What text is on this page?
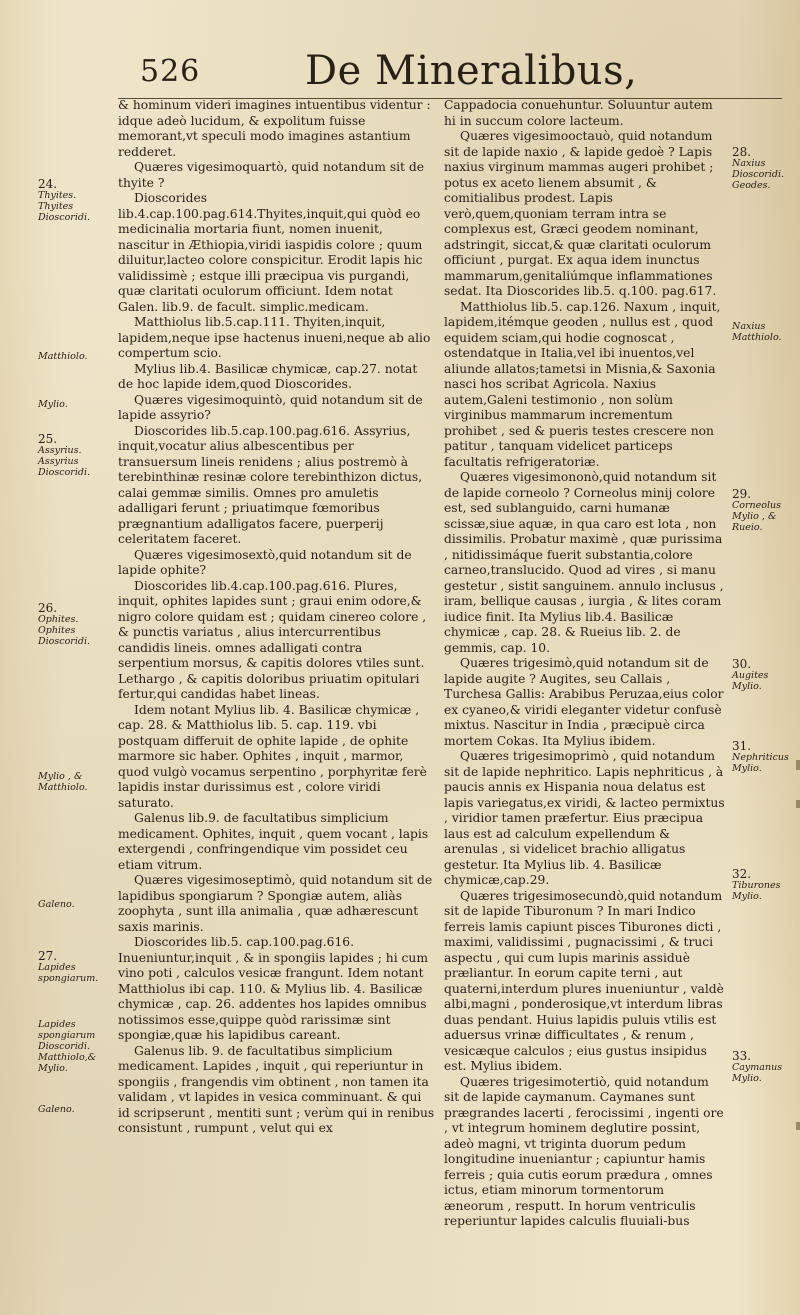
526	De Mineralibus,

& hominum videri imagines intuentibus videntur : idque adeò lucidum, & expolitum fuisse memorant,vt speculi modo imagines astantium redderet.

Quæres vigesimoquartò, quid notandum sit de thyite ?

Dioscorides lib.4.cap.100.pag.614.Thyites,inquit,qui quòd eo medicinalia mortaria fiunt, nomen inuenit, nascitur in Æthiopia,viridi iaspidis colore ; quum diluitur,lacteo colore conspicitur. Erodit lapis hic validissimè ; estque illi præcipua vis purgandi, quæ claritati oculorum officiunt. Idem notat Galen. lib.9. de facult. simplic.medicam.

Matthiolus lib.5.cap.111. Thyiten,inquit, lapidem,neque ipse hactenus inueni,neque ab alio compertum scio.

Mylius lib.4. Basilicæ chymicæ, cap.27. notat de hoc lapide idem,quod Dioscorides.

Quæres vigesimoquintò, quid notandum sit de lapide assyrio?

Dioscorides lib.5.cap.100.pag.616. Assyrius, inquit,vocatur alius albescentibus per transuersum lineis renidens ; alius postremò à terebinthinæ resinæ colore terebinthizon dictus, calai gemmæ similis. Omnes pro amuletis adalligari ferunt ; priuatimque fœmoribus prægnantium adalligatos facere, puerperij celeritatem faceret.

Quæres vigesimosextò,quid notandum sit de lapide ophite?

Dioscorides lib.4.cap.100.pag.616. Plures, inquit, ophites lapides sunt ; graui enim odore,& nigro colore quidam est ; quidam cinereo colore , & punctis variatus , alius intercurrentibus candidis lineis. omnes adalligati contra serpentium morsus, & capitis dolores vtiles sunt. Lethargo , & capitis doloribus priuatim opitulari fertur,qui candidas habet lineas.

Idem notant Mylius lib. 4. Basilicæ chymicæ , cap. 28. & Matthiolus lib. 5. cap. 119. vbi postquam differuit de ophite lapide , de ophite marmore sic haber. Ophites , inquit , marmor, quod vulgò vocamus serpentino , porphyritæ ferè lapidis instar durissimus est , colore viridi saturato.

Galenus lib.9. de facultatibus simplicium medicament. Ophites, inquit , quem vocant , lapis extergendi , confringendique vim possidet ceu etiam vitrum.

Quæres vigesimoseptimò, quid notandum sit de lapidibus spongiarum ? Spongiæ autem, aliàs zoophyta , sunt illa animalia , quæ adhærescunt saxis marinis.

Dioscorides lib.5. cap.100.pag.616. Inueniuntur,inquit , & in spongiis lapides ; hi cum vino poti , calculos vesicæ frangunt. Idem notant Matthiolus ibi cap. 110. & Mylius lib. 4. Basilicæ chymicæ , cap. 26. addentes hos lapides omnibus notissimos esse,quippe quòd rarissimæ sint spongiæ,quæ his lapidibus careant.

Galenus lib. 9. de facultatibus simplicium medicament. Lapides , inquit , qui reperiuntur in spongiis , frangendis vim obtinent , non tamen ita validam , vt lapides in vesica comminuant. & qui id scripserunt , mentiti sunt ; verùm qui in renibus consistunt , rumpunt , velut qui ex

Cappadocia conuehuntur. Soluuntur autem hi in succum colore lacteum.

Quæres vigesimooctauò, quid notandum sit de lapide naxio , & lapide gedoè ? Lapis naxius virginum mammas augeri prohibet ; potus ex aceto lienem absumit , & comitialibus prodest. Lapis verò,quem,quoniam terram intra se complexus est, Græci geodem nominant, adstringit, siccat,& quæ claritati oculorum officiunt , purgat. Ex aqua idem inunctus mammarum,genitaliúmque inflammationes sedat. Ita Dioscorides lib.5. q.100. pag.617.

Matthiolus lib.5. cap.126. Naxum , inquit, lapidem,itémque geoden , nullus est , quod equidem sciam,qui hodie cognoscat , ostendatque in Italia,vel ibi inuentos,vel aliunde allatos;tametsi in Misnia,& Saxonia nasci hos scribat Agricola. Naxius autem,Galeni testimonio , non solùm virginibus mammarum incrementum prohibet , sed & pueris testes crescere non patitur , tanquam videlicet particeps facultatis refrigeratoriæ.

Quæres vigesimononò,quid notandum sit de lapide corneolo ? Corneolus minij colore est, sed sublanguido, carni humanæ scissæ,siue aquæ, in qua caro est lota , non dissimilis. Probatur maximè , quæ purissima , nitidissimáque fuerit substantia,colore carneo,translucido. Quod ad vires , si manu gestetur , sistit sanguinem. annulo inclusus , iram, bellique causas , iurgia , & lites coram iudice finit. Ita Mylius lib.4. Basilicæ chymicæ , cap. 28. & Rueius lib. 2. de gemmis, cap. 10.

Quæres trigesimò,quid notandum sit de lapide augite ? Augites, seu Callais , Turchesa Gallis: Arabibus Peruzaa,eius color ex cyaneo,& viridi eleganter videtur confusè mixtus. Nascitur in India , præcipuè circa mortem Cokas. Ita Mylius ibidem.

Quæres trigesimoprimò , quid notandum sit de lapide nephritico. Lapis nephriticus , à paucis annis ex Hispania noua delatus est lapis variegatus,ex viridi, & lacteo permixtus , viridior tamen præfertur. Eius præcipua laus est ad calculum expellendum & arenulas , si videlicet brachio alligatus gestetur. Ita Mylius lib. 4. Basilicæ chymicæ,cap.29.

Quæres trigesimosecundò,quid notandum sit de lapide Tiburonum ? In mari Indico ferreis lamis capiunt pisces Tiburones dicti , maximi, validissimi , pugnacissimi , & truci aspectu , qui cum lupis marinis assiduè præliantur. In eorum capite terni , aut quaterni,interdum plures inueniuntur , valdè albi,magni , ponderosique,vt interdum libras duas pendant. Huius lapidis puluis vtilis est aduersus vrinæ difficultates , & renum , vesicæque calculos ; eius gustus insipidus est. Mylius ibidem.

Quæres trigesimotertiò, quid notandum sit de lapide caymanum. Caymanes sunt prægrandes lacerti , ferocissimi , ingenti ore , vt integrum hominem deglutire possint, adeò magni, vt triginta duorum pedum longitudine inueniantur ; capiuntur hamis ferreis ; quia cutis eorum prædura , omnes ictus, etiam minorum tormentorum æneorum , resputt. In horum ventriculis reperiuntur lapides calculis fluuiali-bus

24.
Thyites.
Thyites Dioscoridi.

Matthiolo.

Mylio.

25.
Assyrius.
Assyrius Dioscoridi.

26.
Ophites.
Ophites Dioscoridi.

Mylio , &
Matthiolo.

Galeno.

27.
Lapides spongiarum.

Lapides spongiarum Dioscoridi.
Matthiolo,&
Mylio.

Galeno.

28.
Naxius Dioscoridi.
Geodes.

Naxius Matthiolo.

29.
Corneolus
Mylio , &
Rueio.

30.
Augites Mylio.

31.
Nephriticus
Mylio.

32.
Tiburones
Mylio.

33.
Caymanus
Mylio.
